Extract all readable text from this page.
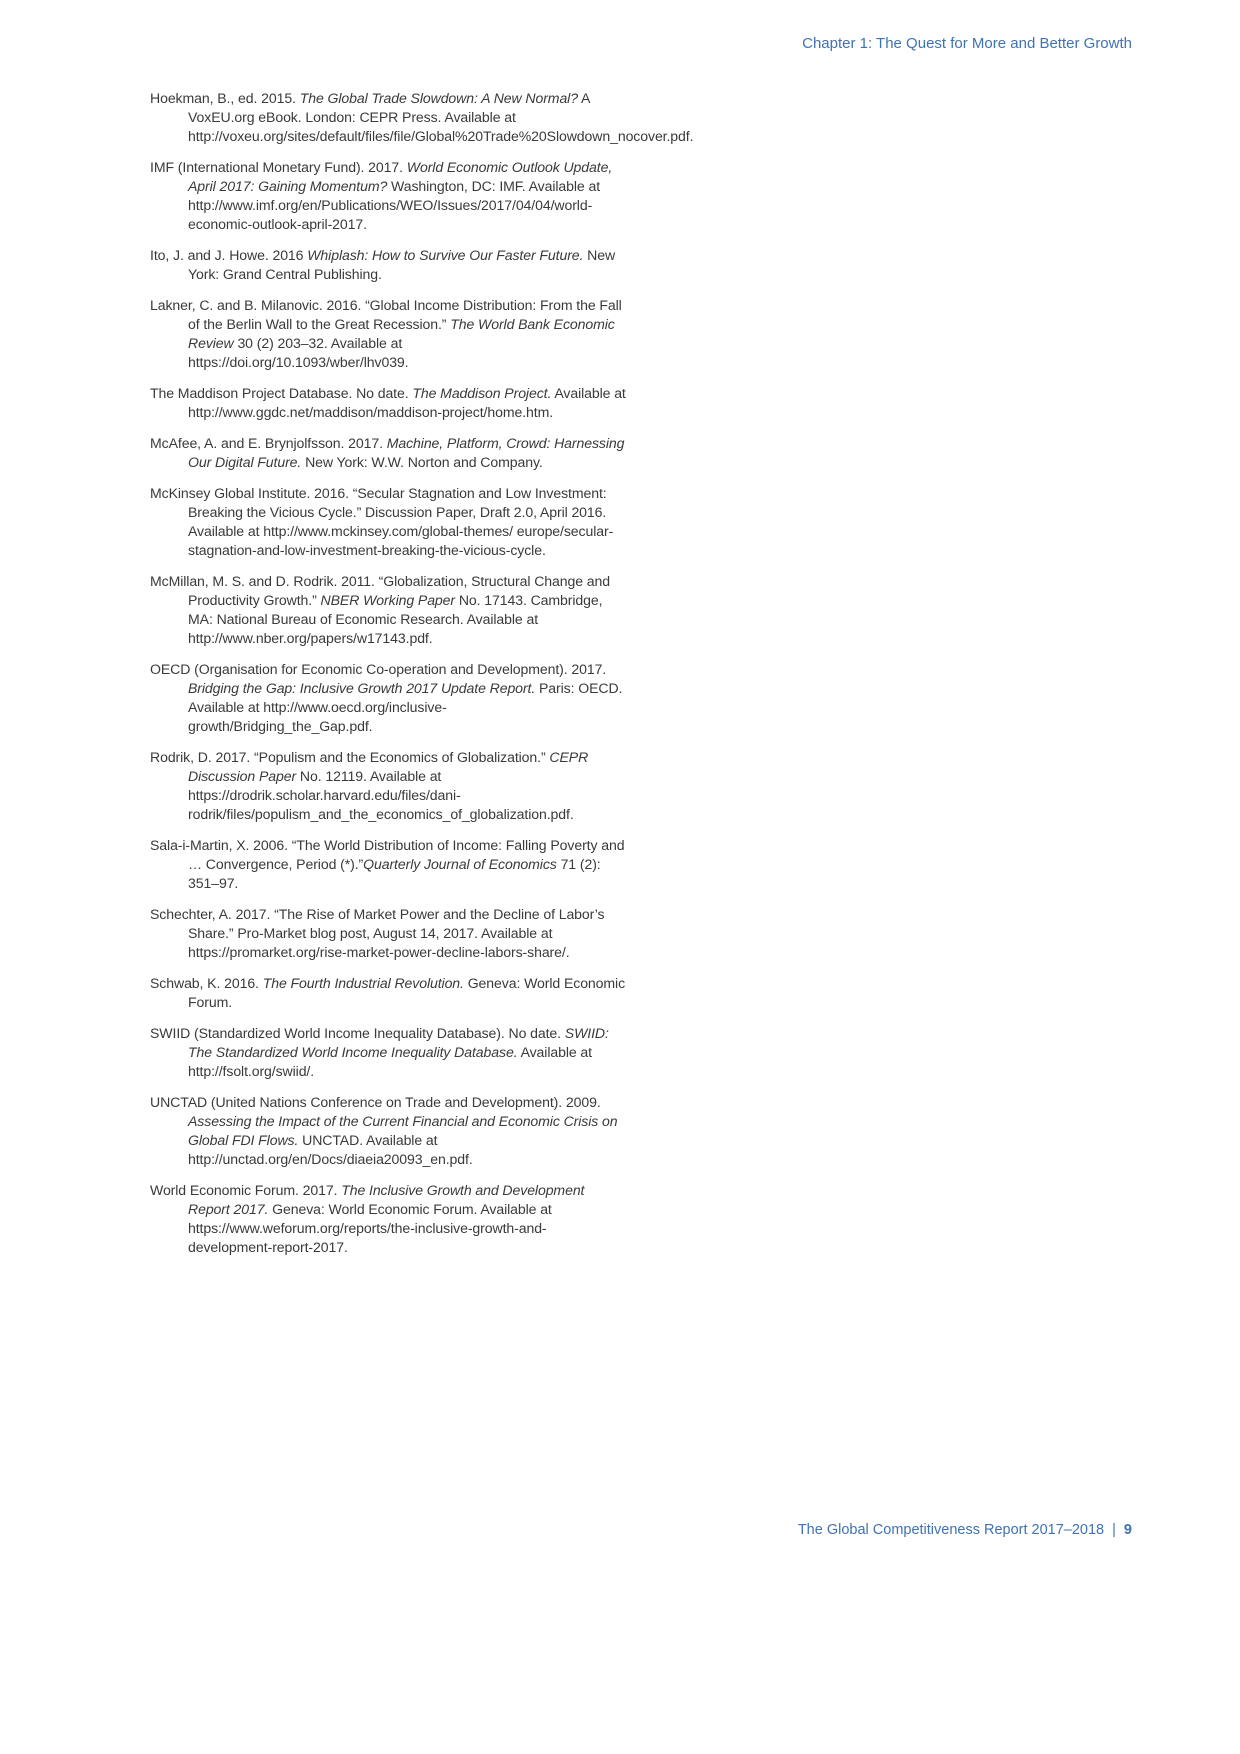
Chapter 1: The Quest for More and Better Growth
Hoekman, B., ed. 2015. The Global Trade Slowdown: A New Normal? A VoxEU.org eBook. London: CEPR Press. Available at http://voxeu.org/sites/default/files/file/Global%20Trade%20Slowdown_nocover.pdf.
IMF (International Monetary Fund). 2017. World Economic Outlook Update, April 2017: Gaining Momentum? Washington, DC: IMF. Available at http://www.imf.org/en/Publications/WEO/Issues/2017/04/04/world-economic-outlook-april-2017.
Ito, J. and J. Howe. 2016 Whiplash: How to Survive Our Faster Future. New York: Grand Central Publishing.
Lakner, C. and B. Milanovic. 2016. “Global Income Distribution: From the Fall of the Berlin Wall to the Great Recession.” The World Bank Economic Review 30 (2) 203–32. Available at https://doi.org/10.1093/wber/lhv039.
The Maddison Project Database. No date. The Maddison Project. Available at http://www.ggdc.net/maddison/maddison-project/home.htm.
McAfee, A. and E. Brynjolfsson. 2017. Machine, Platform, Crowd: Harnessing Our Digital Future. New York: W.W. Norton and Company.
McKinsey Global Institute. 2016. “Secular Stagnation and Low Investment: Breaking the Vicious Cycle.” Discussion Paper, Draft 2.0, April 2016. Available at http://www.mckinsey.com/global-themes/ europe/secular-stagnation-and-low-investment-breaking-the-vicious-cycle.
McMillan, M. S. and D. Rodrik. 2011. “Globalization, Structural Change and Productivity Growth.” NBER Working Paper No. 17143. Cambridge, MA: National Bureau of Economic Research. Available at http://www.nber.org/papers/w17143.pdf.
OECD (Organisation for Economic Co-operation and Development). 2017. Bridging the Gap: Inclusive Growth 2017 Update Report. Paris: OECD. Available at http://www.oecd.org/inclusive-growth/Bridging_the_Gap.pdf.
Rodrik, D. 2017. “Populism and the Economics of Globalization.” CEPR Discussion Paper No. 12119. Available at https://drodrik.scholar.harvard.edu/files/dani-rodrik/files/populism_and_the_economics_of_globalization.pdf.
Sala-i-Martin, X. 2006. “The World Distribution of Income: Falling Poverty and … Convergence, Period (*).”Quarterly Journal of Economics 71 (2): 351–97.
Schechter, A. 2017. “The Rise of Market Power and the Decline of Labor’s Share.” Pro-Market blog post, August 14, 2017. Available at https://promarket.org/rise-market-power-decline-labors-share/.
Schwab, K. 2016. The Fourth Industrial Revolution. Geneva: World Economic Forum.
SWIID (Standardized World Income Inequality Database). No date. SWIID: The Standardized World Income Inequality Database. Available at http://fsolt.org/swiid/.
UNCTAD (United Nations Conference on Trade and Development). 2009. Assessing the Impact of the Current Financial and Economic Crisis on Global FDI Flows. UNCTAD. Available at http://unctad.org/en/Docs/diaeia20093_en.pdf.
World Economic Forum. 2017. The Inclusive Growth and Development Report 2017. Geneva: World Economic Forum. Available at https://www.weforum.org/reports/the-inclusive-growth-and-development-report-2017.
The Global Competitiveness Report 2017–2018 | 9
